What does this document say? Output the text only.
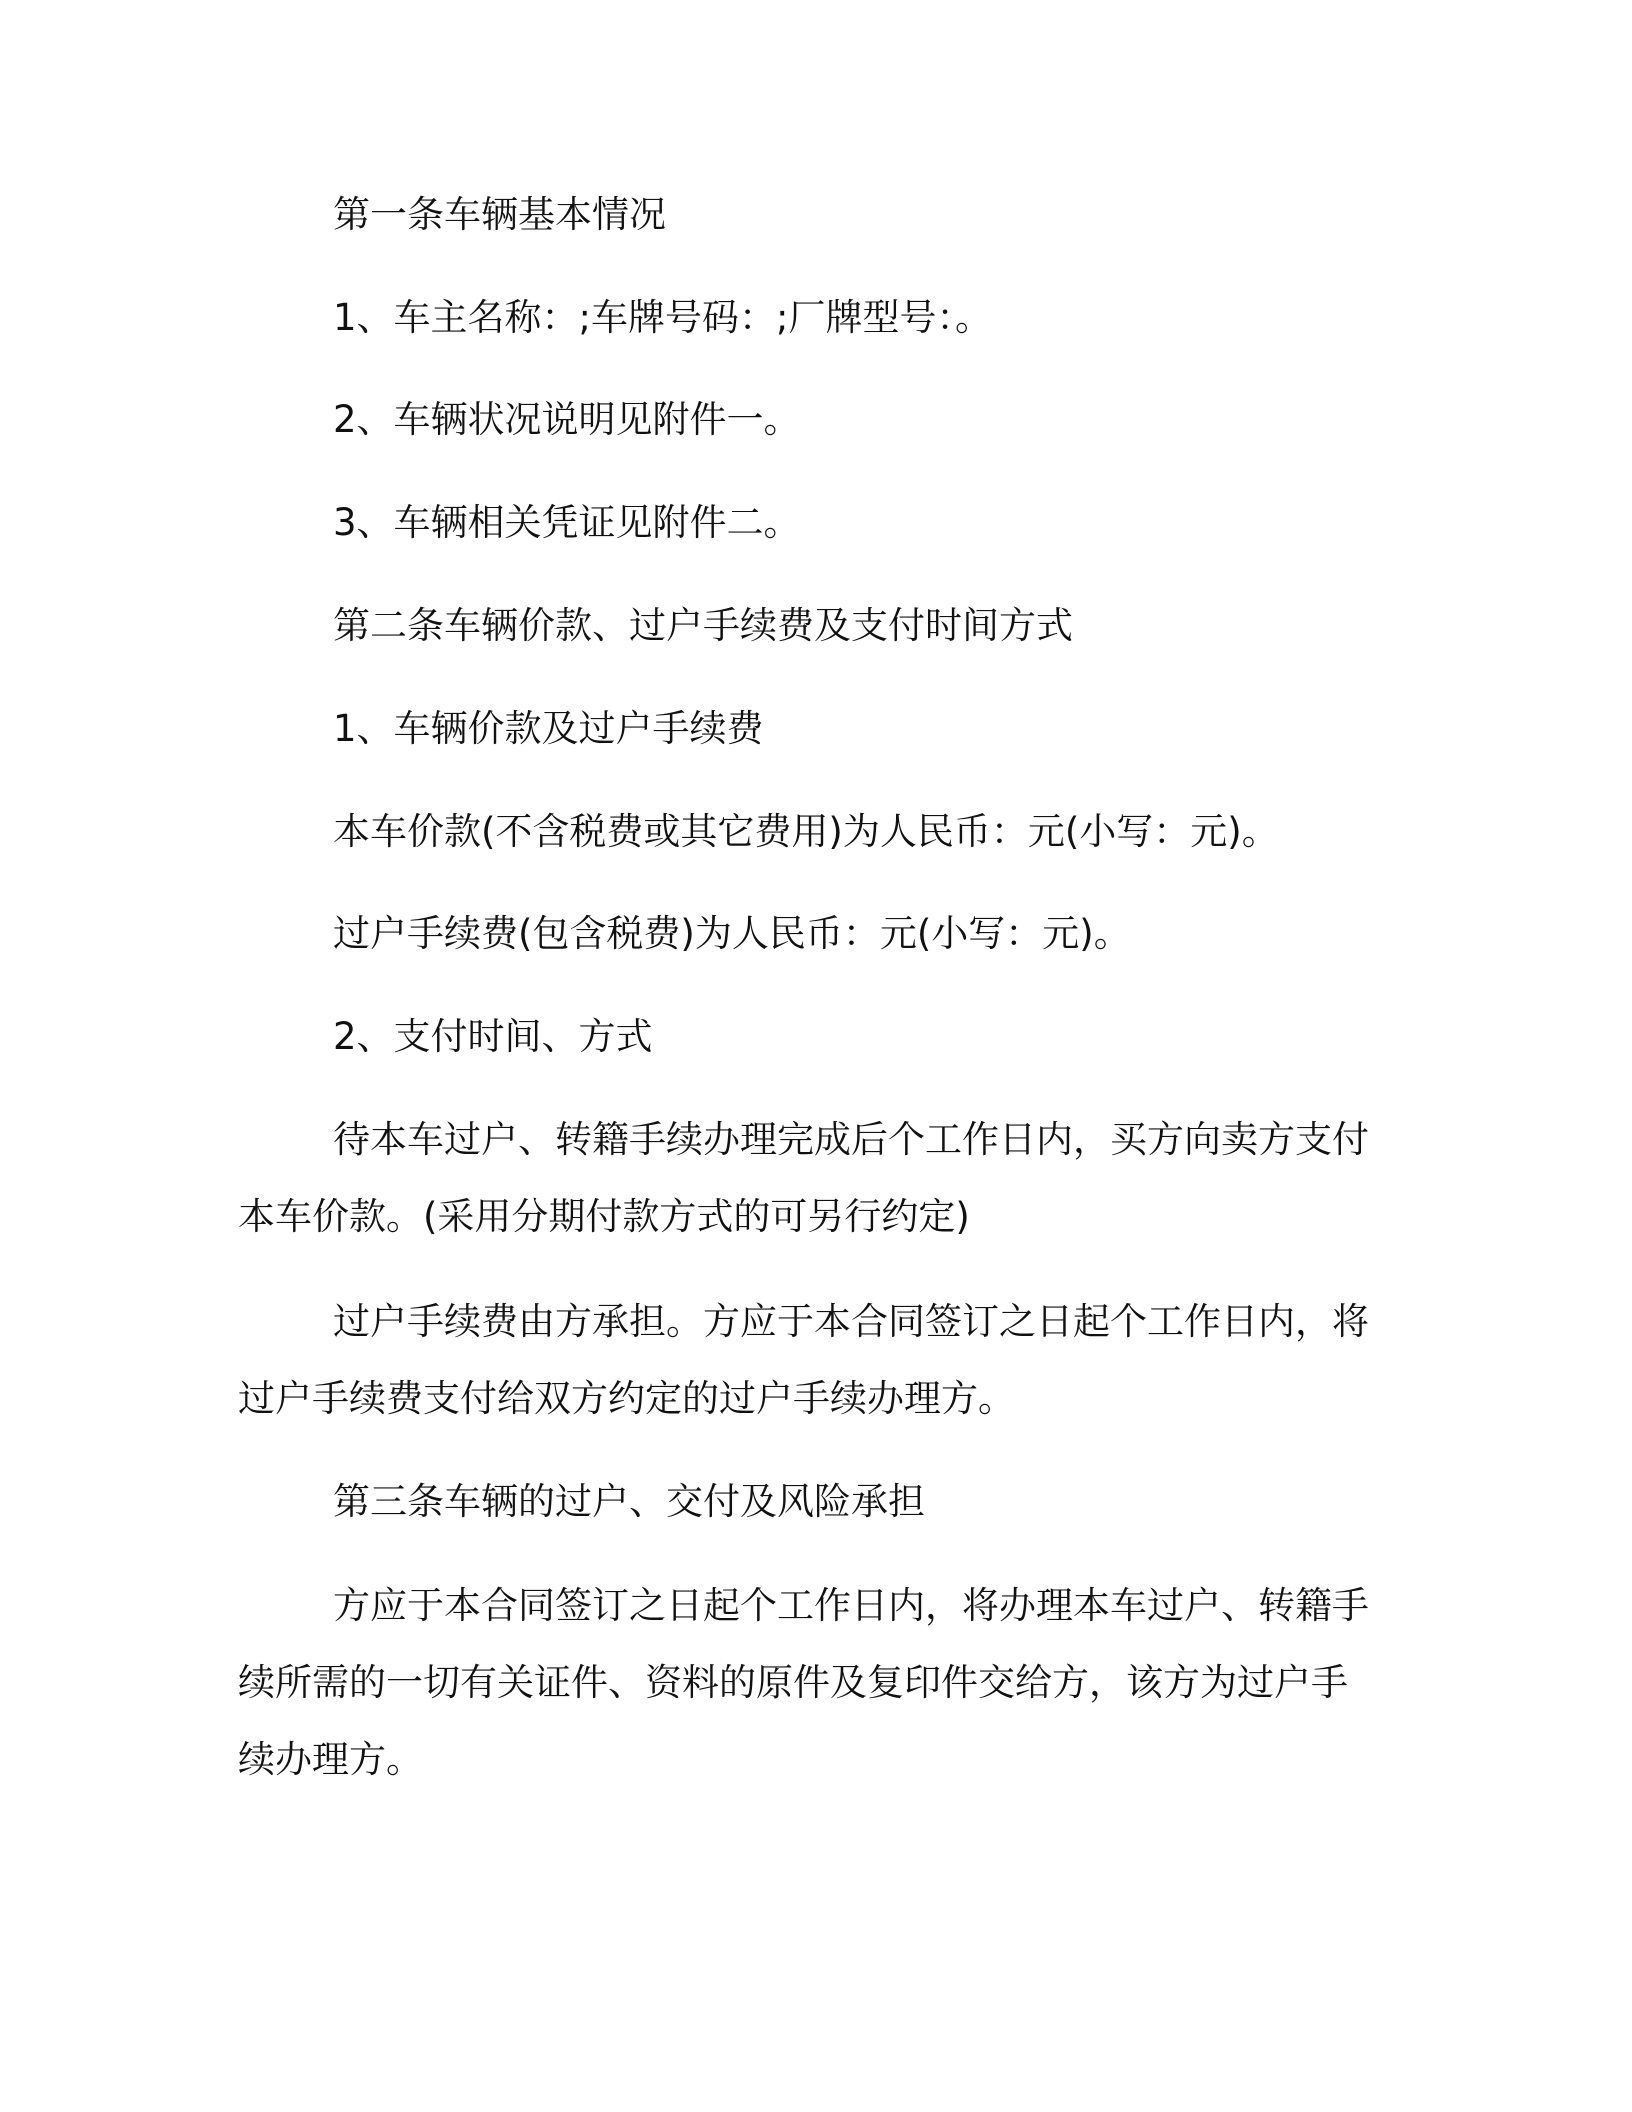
第一条车辆基本情况
1、车主名称：;车牌号码：;厂牌型号：。
2、车辆状况说明见附件一。
3、车辆相关凭证见附件二。
第二条车辆价款、过户手续费及支付时间方式
1、车辆价款及过户手续费
本车价款(不含税费或其它费用)为人民币：元(小写：元)。
过户手续费(包含税费)为人民币：元(小写：元)。
2、支付时间、方式
待本车过户、转籍手续办理完成后个工作日内，买方向卖方支付
本车价款。(采用分期付款方式的可另行约定)
过户手续费由方承担。方应于本合同签订之日起个工作日内，将
过户手续费支付给双方约定的过户手续办理方。
第三条车辆的过户、交付及风险承担
方应于本合同签订之日起个工作日内，将办理本车过户、转籍手
续所需的一切有关证件、资料的原件及复印件交给方，该方为过户手
续办理方。
